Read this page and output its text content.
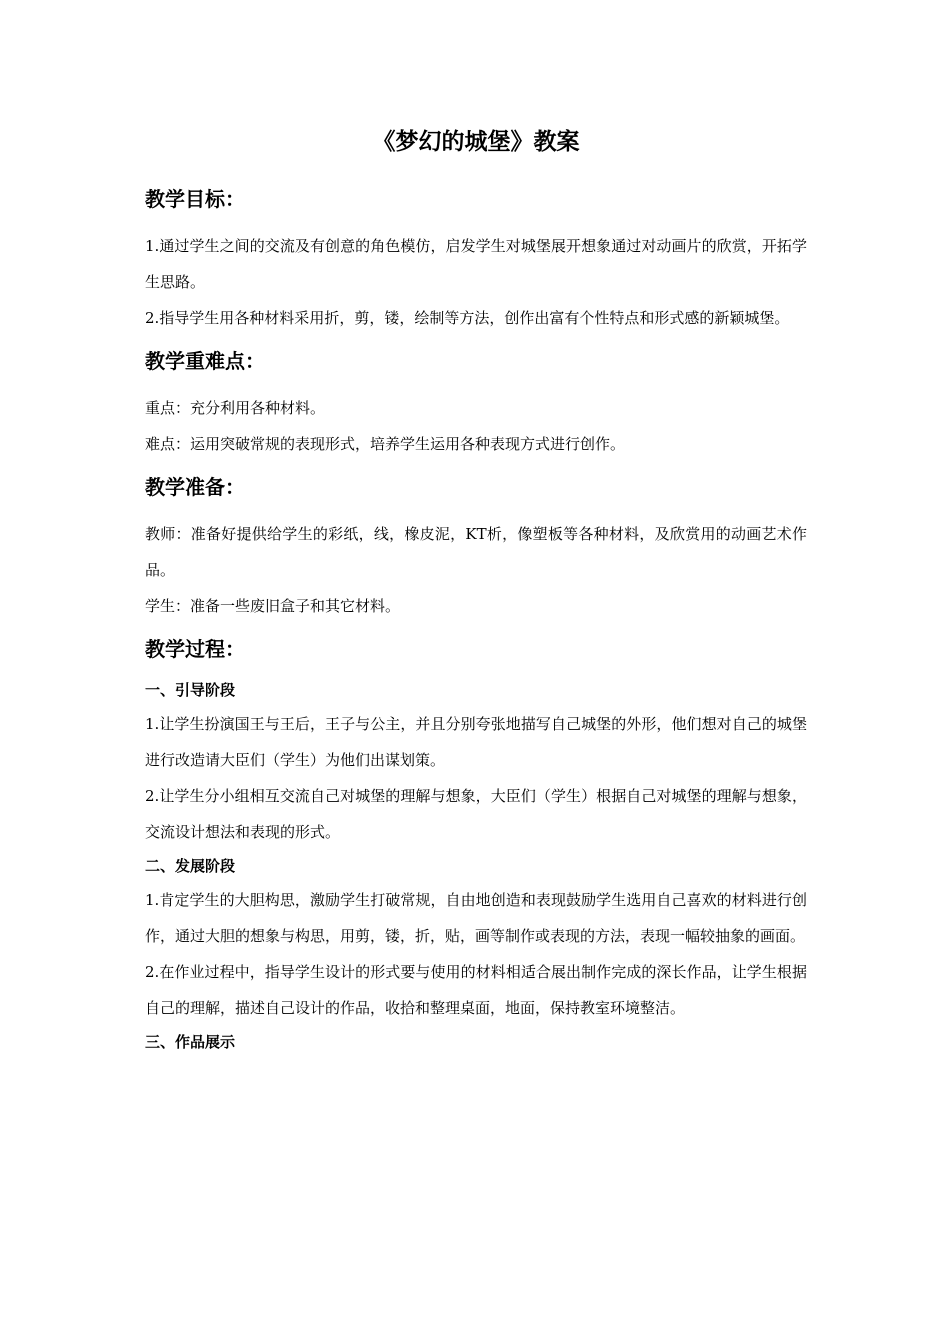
《梦幻的城堡》教案
教学目标：

1.通过学生之间的交流及有创意的角色模仿，启发学生对城堡展开想象通过对动画片的欣赏，开拓学生思路。

2.指导学生用各种材料采用折，剪，镂，绘制等方法，创作出富有个性特点和形式感的新颖城堡。

教学重难点：

重点：充分利用各种材料。

难点：运用突破常规的表现形式，培养学生运用各种表现方式进行创作。

教学准备：

教师：准备好提供给学生的彩纸，线，橡皮泥，KT析，像塑板等各种材料，及欣赏用的动画艺术作品。

学生：准备一些废旧盒子和其它材料。

教学过程：
一、引导阶段

1.让学生扮演国王与王后，王子与公主，并且分别夸张地描写自己城堡的外形，他们想对自己的城堡进行改造请大臣们（学生）为他们出谋划策。

2.让学生分小组相互交流自己对城堡的理解与想象，大臣们（学生）根据自己对城堡的理解与想象，交流设计想法和表现的形式。

二、发展阶段

1.肯定学生的大胆构思，激励学生打破常规，自由地创造和表现鼓励学生选用自己喜欢的材料进行创作，通过大胆的想象与构思，用剪，镂，折，贴，画等制作或表现的方法，表现一幅较抽象的画面。

2.在作业过程中，指导学生设计的形式要与使用的材料相适合展出制作完成的深长作品，让学生根据自己的理解，描述自己设计的作品，收拾和整理桌面，地面，保持教室环境整洁。

三、作品展示
